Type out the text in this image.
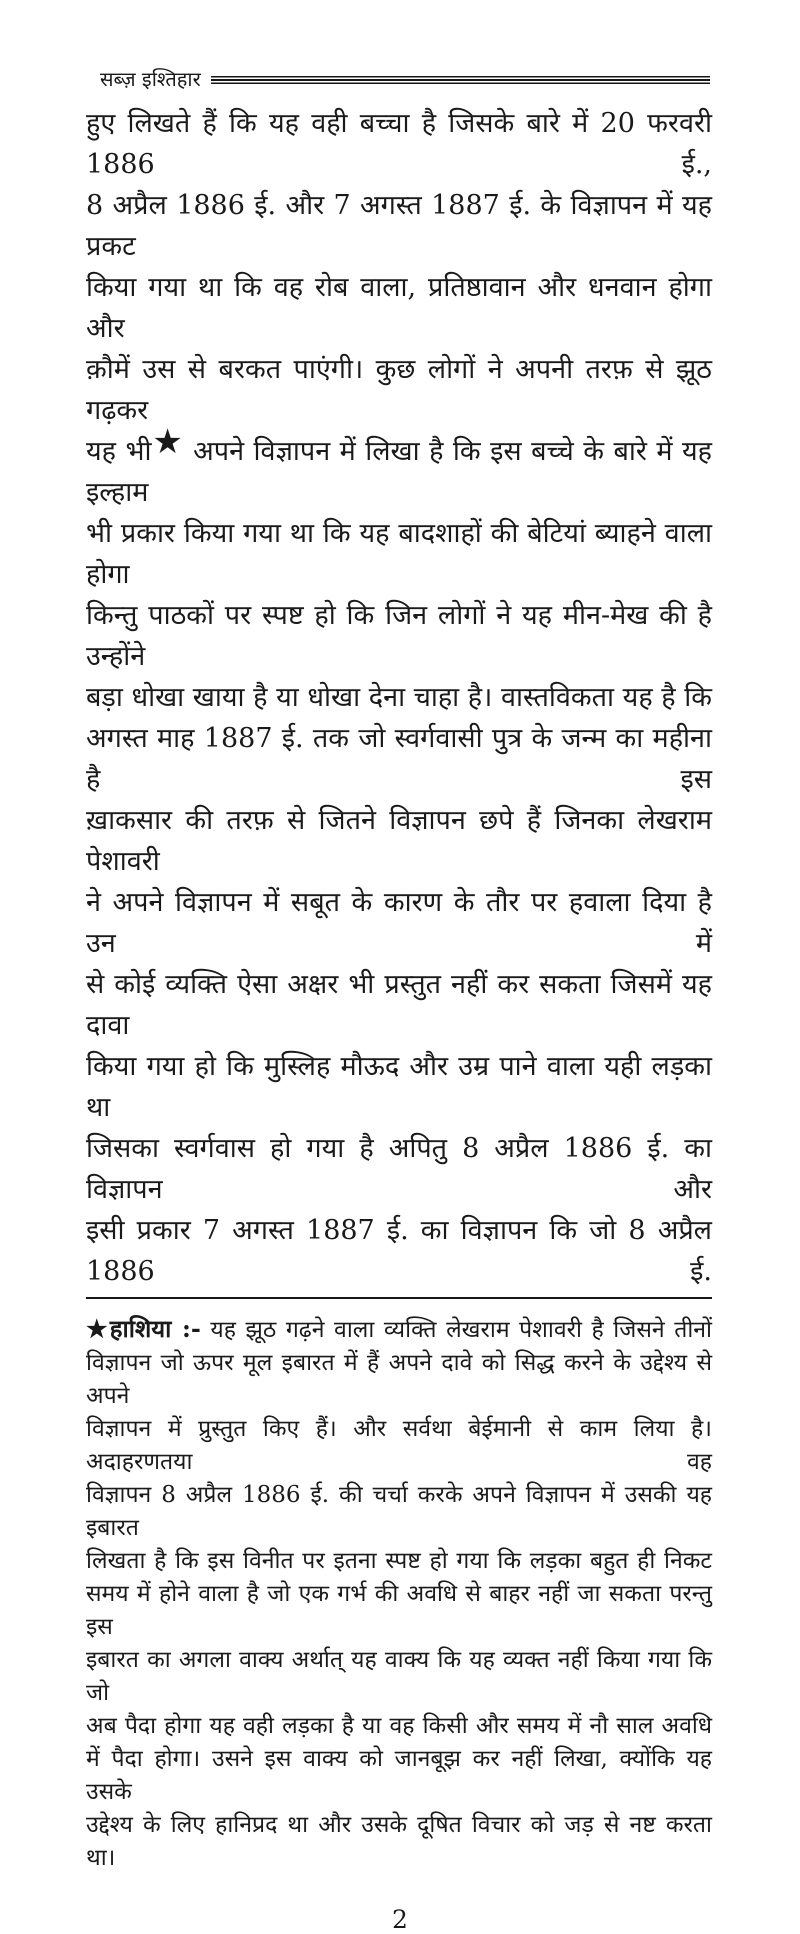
सब्ज़ इश्तिहार
हुए लिखते हैं कि यह वही बच्चा है जिसके बारे में 20 फरवरी 1886 ई.,
8 अप्रैल 1886 ई. और 7 अगस्त 1887 ई. के विज्ञापन में यह प्रकट
किया गया था कि वह रोब वाला, प्रतिष्ठावान और धनवान होगा और
क़ौमें उस से बरकत पाएंगी। कुछ लोगों ने अपनी तरफ़ से झूठ गढ़कर
यह भी★ अपने विज्ञापन में लिखा है कि इस बच्चे के बारे में यह इल्हाम
भी प्रकार किया गया था कि यह बादशाहों की बेटियां ब्याहने वाला होगा
किन्तु पाठकों पर स्पष्ट हो कि जिन लोगों ने यह मीन-मेख की है उन्होंने
बड़ा धोखा खाया है या धोखा देना चाहा है। वास्तविकता यह है कि
अगस्त माह 1887 ई. तक जो स्वर्गवासी पुत्र के जन्म का महीना है इस
ख़ाकसार की तरफ़ से जितने विज्ञापन छपे हैं जिनका लेखराम पेशावरी
ने अपने विज्ञापन में सबूत के कारण के तौर पर हवाला दिया है उन में
से कोई व्यक्ति ऐसा अक्षर भी प्रस्तुत नहीं कर सकता जिसमें यह दावा
किया गया हो कि मुस्लिह मौऊद और उम्र पाने वाला यही लड़का था
जिसका स्वर्गवास हो गया है अपितु 8 अप्रैल 1886 ई. का विज्ञापन और
इसी प्रकार 7 अगस्त 1887 ई. का विज्ञापन कि जो 8 अप्रैल 1886 ई.
★हाशिया :- यह झूठ गढ़ने वाला व्यक्ति लेखराम पेशावरी है जिसने तीनों
विज्ञापन जो ऊपर मूल इबारत में हैं अपने दावे को सिद्ध करने के उद्देश्य से अपने
विज्ञापन में प्रुस्तुत किए हैं। और सर्वथा बेईमानी से काम लिया है। अदाहरणतया वह
विज्ञापन 8 अप्रैल 1886 ई. की चर्चा करके अपने विज्ञापन में उसकी यह इबारत
लिखता है कि इस विनीत पर इतना स्पष्ट हो गया कि लड़का बहुत ही निकट
समय में होने वाला है जो एक गर्भ की अवधि से बाहर नहीं जा सकता परन्तु इस
इबारत का अगला वाक्य अर्थात् यह वाक्य कि यह व्यक्त नहीं किया गया कि जो
अब पैदा होगा यह वही लड़का है या वह किसी और समय में नौ साल अवधि
में पैदा होगा। उसने इस वाक्य को जानबूझ कर नहीं लिखा, क्योंकि यह उसके
उद्देश्य के लिए हानिप्रद था और उसके दूषित विचार को जड़ से नष्ट करता था।
2
